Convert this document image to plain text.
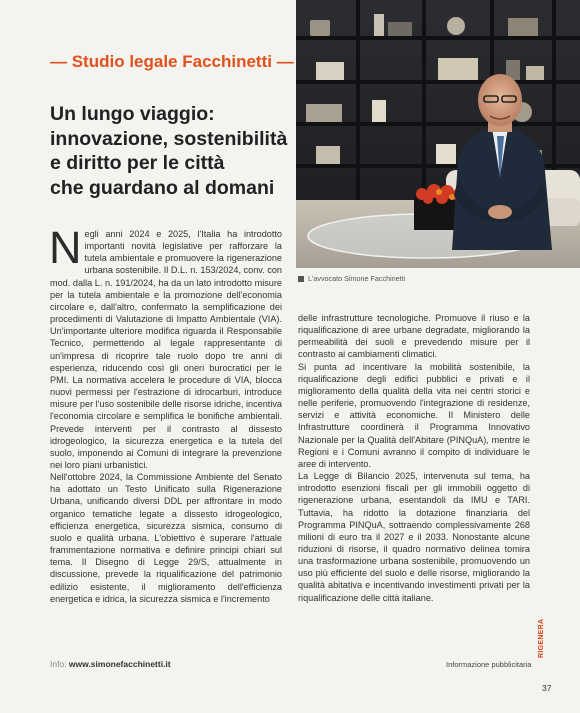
— Studio legale Facchinetti —
Un lungo viaggio:
innovazione, sostenibilità
e diritto per le città
che guardano al domani
L'avvocato Simone Facchinetti

Negli anni 2024 e 2025, l'Italia ha introdotto importanti novità legislative per rafforzare la tutela ambientale e promuovere la rigenerazione urbana sostenibile. Il D.L. n. 153/2024, conv. con mod. dalla L. n. 191/2024, ha da un lato introdotto misure per la tutela ambientale e la promozione dell'economia circolare e, dall'altro, confermato la semplificazione dei procedimenti di Valutazione di Impatto Ambientale (VIA). Un'importante ulteriore modifica riguarda il Responsabile Tecnico, permettendo al legale rappresentante di un'impresa di ricoprire tale ruolo dopo tre anni di esperienza, riducendo così gli oneri burocratici per le PMI. La normativa accelera le procedure di VIA, blocca nuovi permessi per l'estrazione di idrocarburi, introduce misure per l'uso sostenibile delle risorse idriche, incentiva l'economia circolare e semplifica le bonifiche ambientali. Prevede interventi per il contrasto al dissesto idrogeologico, la sicurezza energetica e la tutela del suolo, imponendo ai Comuni di integrare la prevenzione nei loro piani urbanistici.

Nell'ottobre 2024, la Commissione Ambiente del Senato ha adottato un Testo Unificato sulla Rigenerazione Urbana, unificando diversi DDL per affrontare in modo organico tematiche legate a dissesto idrogeologico, efficienza energetica, sicurezza sismica, consumo di suolo e qualità urbana. L'obiettivo è superare l'attuale frammentazione normativa e definire principi chiari sul tema. Il Disegno di Legge 29/S, attualmente in discussione, prevede la riqualificazione del patrimonio edilizio esistente, il miglioramento dell'efficienza energetica e idrica, la sicurezza sismica e l'incremento

delle infrastrutture tecnologiche. Promuove il riuso e la riqualificazione di aree urbane degradate, migliorando la permeabilità dei suoli e prevedendo misure per il contrasto ai cambiamenti climatici.

Si punta ad incentivare la mobilità sostenibile, la riqualificazione degli edifici pubblici e privati e il miglioramento della qualità della vita nei centri storici e nelle periferie, promuovendo l'integrazione di residenze, servizi e attività economiche. Il Ministero delle Infrastrutture coordinerà il Programma Innovativo Nazionale per la Qualità dell'Abitare (PINQuA), mentre le Regioni e i Comuni avranno il compito di individuare le aree di intervento.

La Legge di Bilancio 2025, intervenuta sul tema, ha introdotto esenzioni fiscali per gli immobili oggetto di rigenerazione urbana, esentandoli da IMU e TARI. Tuttavia, ha ridotto la dotazione finanziaria del Programma PINQuA, sottraendo complessivamente 268 milioni di euro tra il 2027 e il 2033. Nonostante alcune riduzioni di risorse, il quadro normativo delinea tomira una trasformazione urbana sostenibile, promuovendo un uso più efficiente del suolo e delle risorse, migliorando la qualità abitativa e incentivando investimenti privati per la riqualificazione delle città italiane.

Info: www.simonefacchinetti.it	Informazione pubblicitaria
RIGENERA
37
